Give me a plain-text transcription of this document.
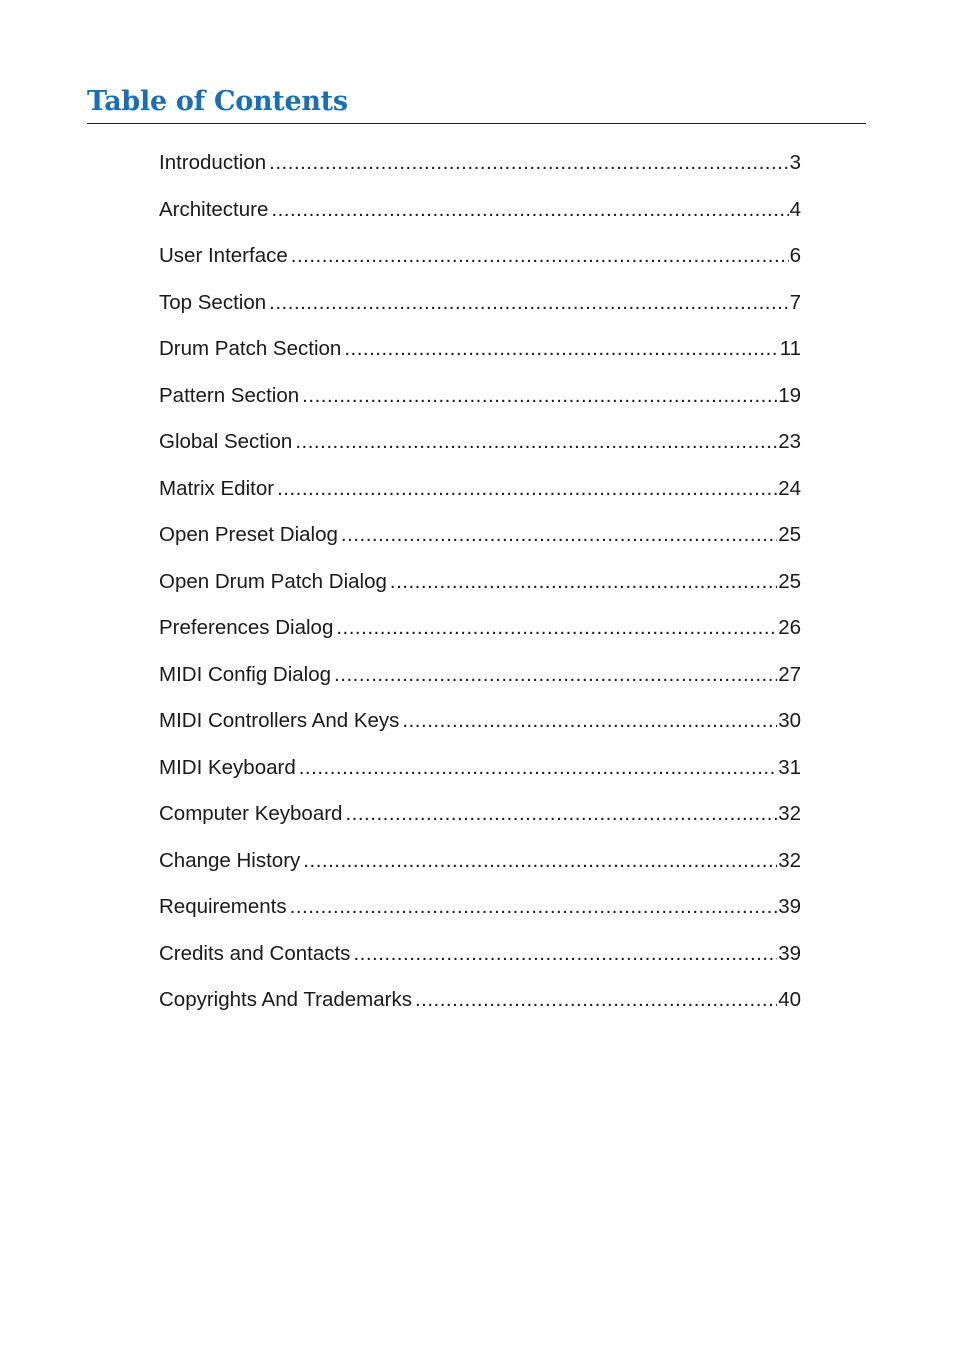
Table of Contents
Introduction .....	3
Architecture .....	4
User Interface .....	6
Top Section .....	7
Drum Patch Section .....	11
Pattern Section .....	19
Global Section .....	23
Matrix Editor .....	24
Open Preset Dialog .....	25
Open Drum Patch Dialog .....	25
Preferences Dialog .....	26
MIDI Config Dialog .....	27
MIDI Controllers And Keys .....	30
MIDI Keyboard .....	31
Computer Keyboard .....	32
Change History .....	32
Requirements .....	39
Credits and Contacts .....	39
Copyrights And Trademarks .....	40
